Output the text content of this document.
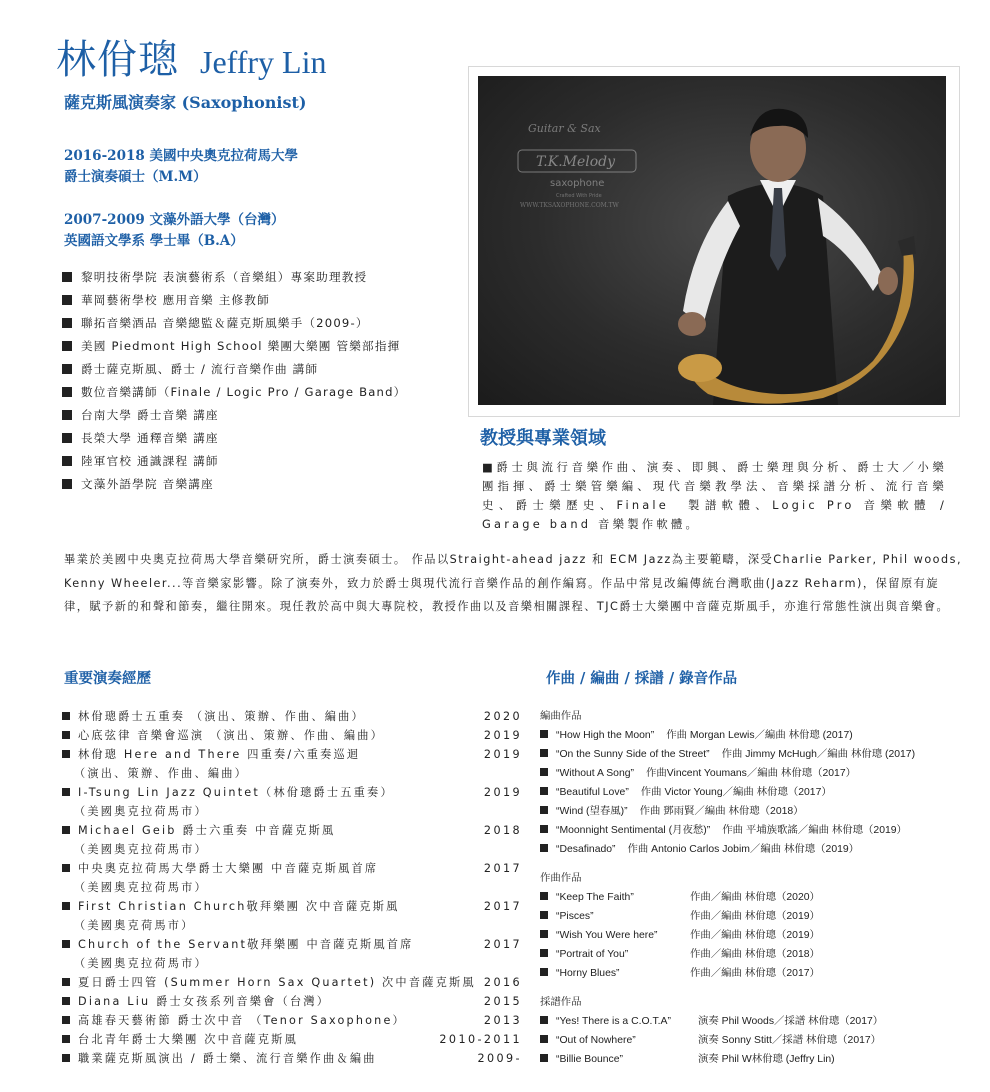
林佾璁 Jeffry Lin
薩克斯風演奏家 (Saxophonist)
2016-2018 美國中央奧克拉荷馬大學
爵士演奏碩士（M.M）
2007-2009 文藻外語大學（台灣）
英國語文學系 學士畢（B.A）
黎明技術學院 表演藝術系（音樂組）專案助理教授
華岡藝術學校 應用音樂 主修教師
聯拓音樂酒品 音樂總監＆薩克斯風樂手（2009-）
美國 Piedmont High School 樂團大樂團 管樂部指揮
爵士薩克斯風、爵士 / 流行音樂作曲 講師
數位音樂講師（Finale / Logic Pro / Garage Band）
台南大學 爵士音樂 講座
長榮大學 通釋音樂 講座
陸軍官校 通識課程 講師
文藻外語學院 音樂講座
Guitar & Sax
T.K.Melody
saxophone
Crafted With Pride
WWW.TKSAXOPHONE.COM.TW
教授與專業領域
■爵士與流行音樂作曲、演奏、即興、爵士樂理與分析、爵士大／小樂團指揮、爵士樂管樂編、現代音樂教學法、音樂採譜分析、流行音樂史、爵士樂歷史、Finale　製譜軟體、Logic Pro 音樂軟體 / Garage band 音樂製作軟體。
畢業於美國中央奧克拉荷馬大學音樂研究所，爵士演奏碩士。 作品以Straight-ahead jazz 和 ECM Jazz為主要範疇，深受Charlie Parker, Phil woods, Kenny Wheeler...等音樂家影響。除了演奏外，致力於爵士與現代流行音樂作品的創作編寫。作品中常見改編傳統台灣歌曲(Jazz Reharm)，保留原有旋律，賦予新的和聲和節奏，繼往開來。現任教於高中與大專院校，教授作曲以及音樂相關課程、TJC爵士大樂團中音薩克斯風手，亦進行常態性演出與音樂會。
重要演奏經歷	作曲 / 編曲 / 採譜 / 錄音作品
林佾璁爵士五重奏 （演出、策辦、作曲、編曲）	2020
心底弦律 音樂會巡演 （演出、策辦、作曲、編曲）	2019
林佾璁 Here and There 四重奏/六重奏巡迴	2019
（演出、策辦、作曲、編曲）
I-Tsung Lin Jazz Quintet（林佾璁爵士五重奏）	2019
（美國奧克拉荷馬市）
Michael Geib 爵士六重奏 中音薩克斯風	2018
（美國奧克拉荷馬市）
中央奧克拉荷馬大學爵士大樂團 中音薩克斯風首席	2017
（美國奧克拉荷馬市）
First Christian Church敬拜樂團 次中音薩克斯風	2017
（美國奧克荷馬市）
Church of the Servant敬拜樂團 中音薩克斯風首席	2017
（美國奧克拉荷馬市）
夏日爵士四管 (Summer Horn Sax Quartet) 次中音薩克斯風 2016
Diana Liu 爵士女孩系列音樂會（台灣）	2015
高雄春天藝術節 爵士次中音 （Tenor Saxophone）	2013
台北青年爵士大樂團 次中音薩克斯風	2010-2011
職業薩克斯風演出 / 爵士樂、流行音樂作曲＆編曲	2009-
編曲作品
“How High the Moon” 作曲 Morgan Lewis／編曲 林佾璁 (2017)
“On the Sunny Side of the Street” 作曲 Jimmy McHugh／編曲 林佾璁 (2017)
“Without A Song” 作曲Vincent Youmans／編曲 林佾璁（2017）
“Beautiful Love” 作曲 Victor Young／編曲 林佾璁（2017）
“Wind (望春風)” 作曲 鄧雨賢／編曲 林佾璁（2018）
“Moonnight Sentimental (月夜愁)” 作曲 平埔族歌謠／編曲 林佾璁（2019）
“Desafinado” 作曲 Antonio Carlos Jobim／編曲 林佾璁（2019）
作曲作品
“Keep The Faith”	作曲／編曲 林佾璁（2020）
“Pisces”	作曲／編曲 林佾璁（2019）
“Wish You Were here”	作曲／編曲 林佾璁（2019）
“Portrait of You”	作曲／編曲 林佾璁（2018）
“Horny Blues”	作曲／編曲 林佾璁（2017）
採譜作品
“Yes! There is a C.O.T.A”	演奏 Phil Woods／採譜 林佾璁（2017）
“Out of Nowhere”	演奏 Sonny Stitt／採譜 林佾璁（2017）
“Billie Bounce”	演奏 Phil W林佾璁 (Jeffry Lin)
